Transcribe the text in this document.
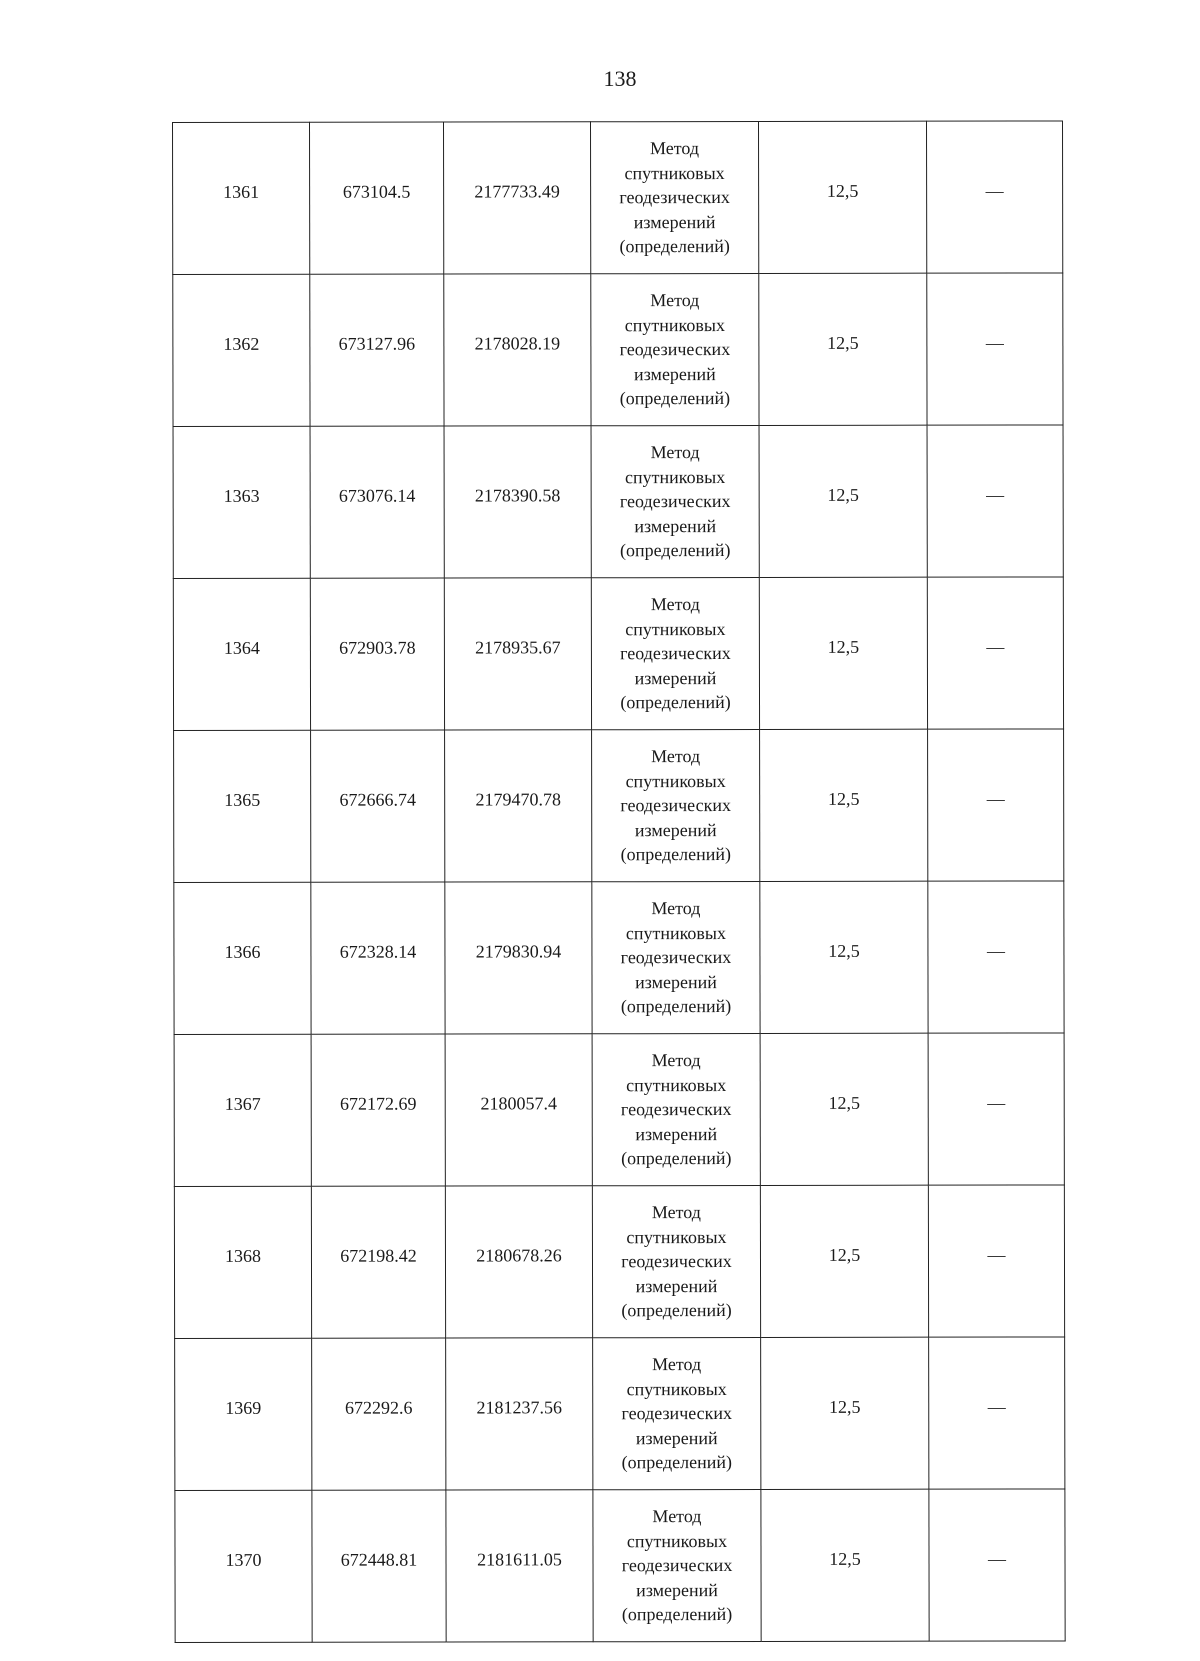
138
1361	673104.5	2177733.49	Метод
спутниковых
геодезических
измерений
(определений)	12,5	—
1362	673127.96	2178028.19	Метод
спутниковых
геодезических
измерений
(определений)	12,5	—
1363	673076.14	2178390.58	Метод
спутниковых
геодезических
измерений
(определений)	12,5	—
1364	672903.78	2178935.67	Метод
спутниковых
геодезических
измерений
(определений)	12,5	—
1365	672666.74	2179470.78	Метод
спутниковых
геодезических
измерений
(определений)	12,5	—
1366	672328.14	2179830.94	Метод
спутниковых
геодезических
измерений
(определений)	12,5	—
1367	672172.69	2180057.4	Метод
спутниковых
геодезических
измерений
(определений)	12,5	—
1368	672198.42	2180678.26	Метод
спутниковых
геодезических
измерений
(определений)	12,5	—
1369	672292.6	2181237.56	Метод
спутниковых
геодезических
измерений
(определений)	12,5	—
1370	672448.81	2181611.05	Метод
спутниковых
геодезических
измерений
(определений)	12,5	—
